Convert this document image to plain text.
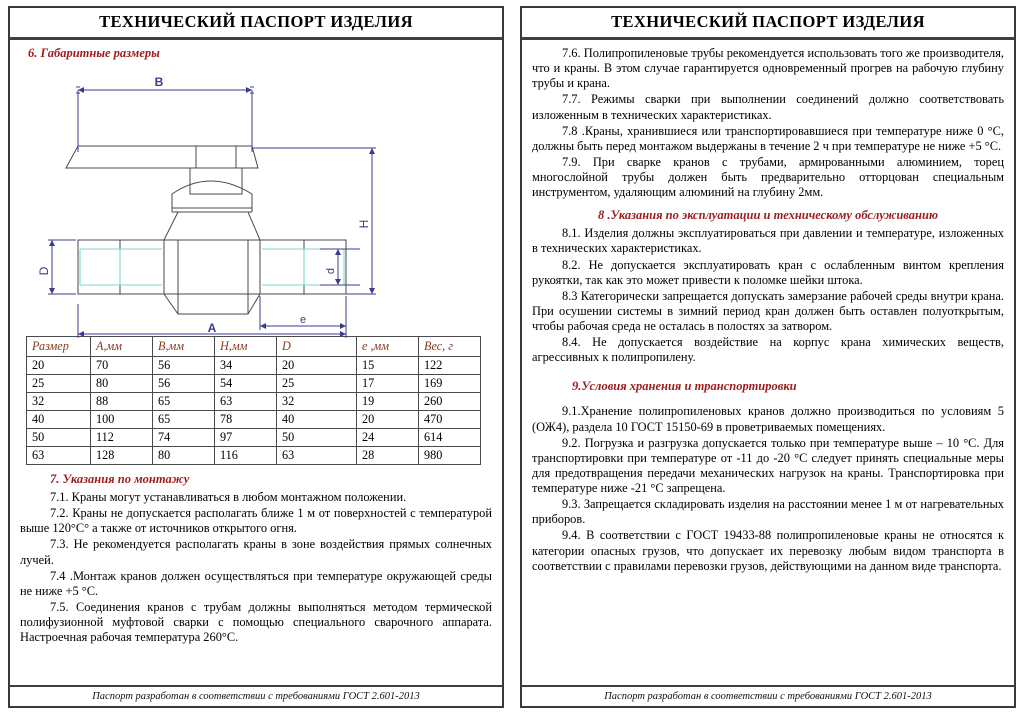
ТЕХНИЧЕСКИЙ ПАСПОРТ ИЗДЕЛИЯ
6. Габаритные размеры
B
H
d
D
e
A
Размер	А,мм	В,мм	Н,мм	D	е ,мм	Вес, г
20	70	56	34	20	15	122
25	80	56	54	25	17	169
32	88	65	63	32	19	260
40	100	65	78	40	20	470
50	112	74	97	50	24	614
63	128	80	116	63	28	980
7. Указания по монтажу

7.1. Краны могут устанавливаться в любом монтажном положении.

7.2. Краны не допускается располагать ближе 1 м от поверхностей с температурой выше 120°С° а также от источников открытого огня.

7.3. Не рекомендуется располагать краны в зоне воздействия прямых солнечных лучей.

7.4 .Монтаж кранов должен осуществляться при температуре окружающей среды не ниже +5 °С.

7.5. Соединения кранов с трубам должны выполняться методом термической полифузионной муфтовой сварки с помощью специального сварочного аппарата. Настроечная рабочая температура 260°С.

Паспорт разработан в соответствии с требованиями ГОСТ 2.601-2013
ТЕХНИЧЕСКИЙ ПАСПОРТ ИЗДЕЛИЯ

7.6. Полипропиленовые трубы рекомендуется использовать того же производителя, что и краны. В этом случае гарантируется одновременный прогрев на рабочую глубину трубы и крана.

7.7. Режимы сварки при выполнении соединений должно соответствовать изложенным в технических характеристиках.

7.8 .Краны, хранившиеся или транспортировавшиеся при температуре ниже 0 °С, должны быть перед монтажом выдержаны в течение 2 ч при температуре не ниже +5 °С.

7.9. При сварке кранов с трубами, армированными алюминием, торец многослойной трубы должен быть предварительно отторцован специальным инструментом, удаляющим алюминий на глубину 2мм.

8 .Указания по эксплуатации и техническому обслуживанию

8.1. Изделия должны эксплуатироваться при давлении и температуре, изложенных в технических характеристиках.

8.2. Не допускается эксплуатировать кран с ослабленным винтом крепления рукоятки, так как это может привести к поломке шейки штока.

8.3 Категорически запрещается допускать замерзание рабочей среды внутри крана. При осушении системы в зимний период кран должен быть оставлен полуоткрытым, чтобы рабочая среда не осталась в полостях за затвором.

8.4. Не допускается воздействие на корпус крана химических веществ, агрессивных к полипропилену.

9.Условия хранения и транспортировки

9.1.Хранение полипропиленовых кранов должно производиться по условиям 5 (ОЖ4), раздела 10 ГОСТ 15150-69 в проветриваемых помещениях.

9.2. Погрузка и разгрузка допускается только при температуре выше – 10 °С. Для транспортировки при температуре от -11 до -20 °С следует принять специальные меры для предотвращения передачи механических нагрузок на краны. Транспортировка при температуре ниже -21 °С запрещена.

9.3. Запрещается складировать изделия на расстоянии менее 1 м от нагревательных приборов.

9.4. В соответствии с ГОСТ 19433-88 полипропиленовые краны не относятся к категории опасных грузов, что допускает их перевозку любым видом транспорта в соответствии с правилами перевозки грузов, действующими на данном виде транспорта.

Паспорт разработан в соответствии с требованиями ГОСТ 2.601-2013
